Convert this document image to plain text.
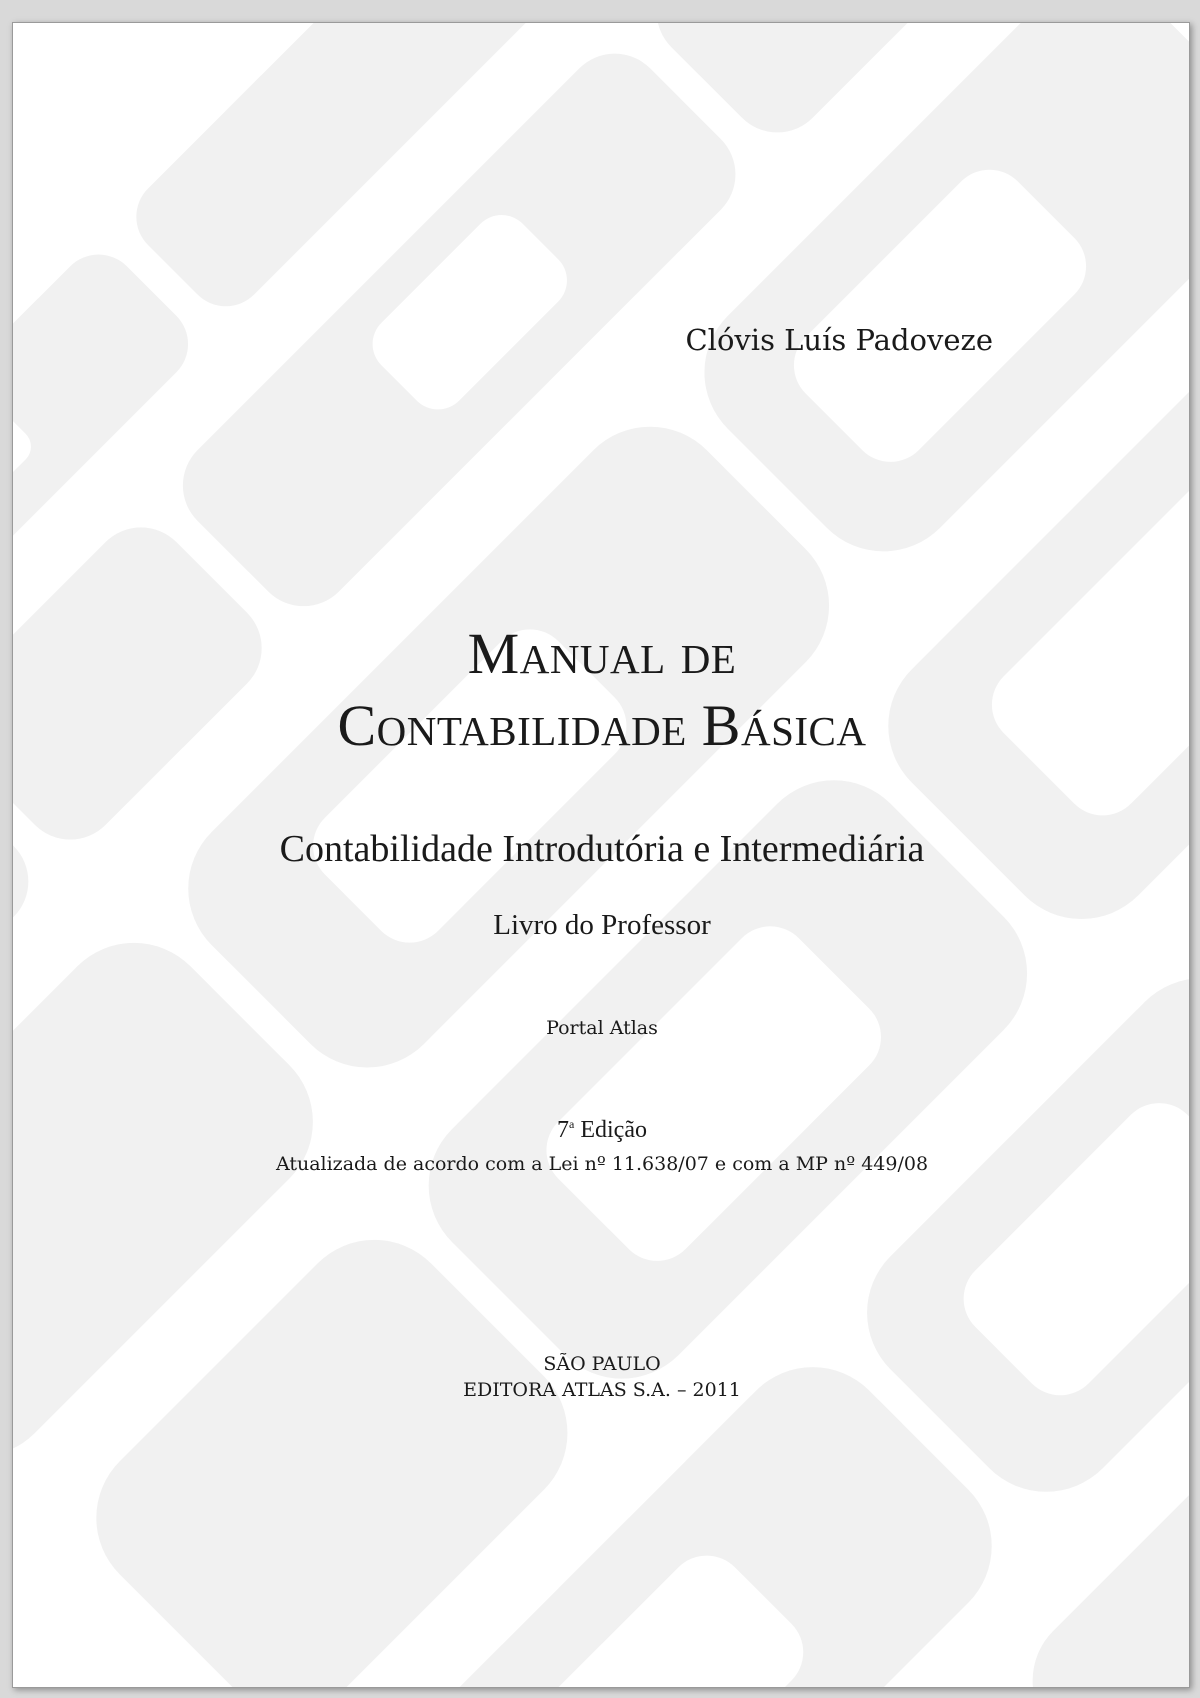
Clóvis Luís Padoveze
Manual de
Contabilidade Básica
Contabilidade Introdutória e Intermediária
Livro do Professor
Portal Atlas
7$^a$ Edição
Atualizada de acordo com a Lei nº 11.638/07 e com a MP nº 449/08
SÃO PAULO
EDITORA ATLAS S.A. – 2011
